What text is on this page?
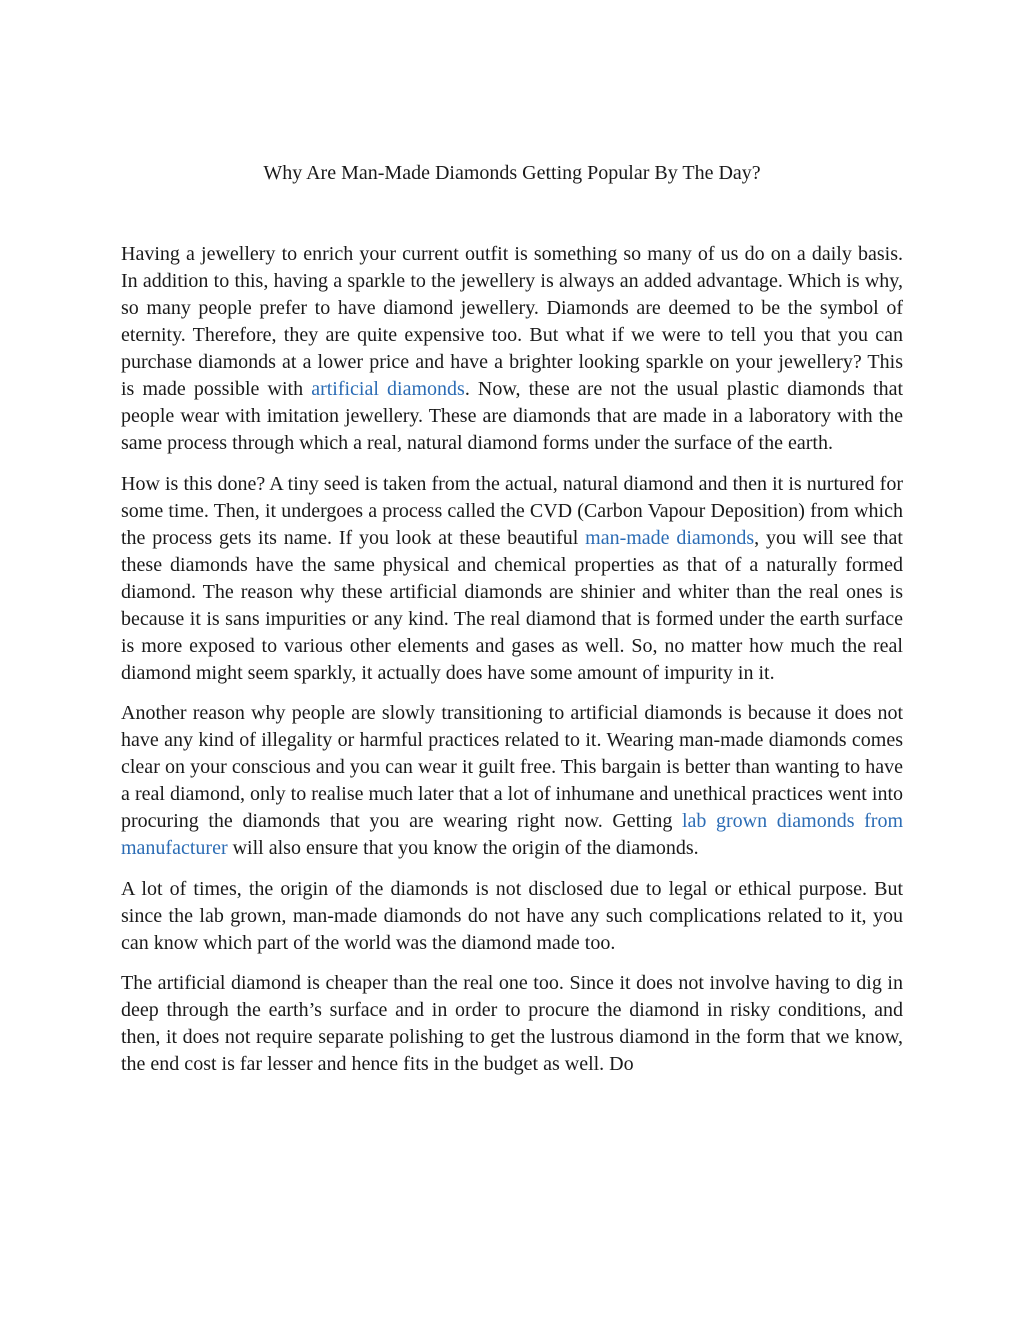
Why Are Man-Made Diamonds Getting Popular By The Day?

Having a jewellery to enrich your current outfit is something so many of us do on a daily basis. In addition to this, having a sparkle to the jewellery is always an added advantage. Which is why, so many people prefer to have diamond jewellery. Diamonds are deemed to be the symbol of eternity. Therefore, they are quite expensive too. But what if we were to tell you that you can purchase diamonds at a lower price and have a brighter looking sparkle on your jewellery? This is made possible with artificial diamonds. Now, these are not the usual plastic diamonds that people wear with imitation jewellery. These are diamonds that are made in a laboratory with the same process through which a real, natural diamond forms under the surface of the earth.

How is this done? A tiny seed is taken from the actual, natural diamond and then it is nurtured for some time. Then, it undergoes a process called the CVD (Carbon Vapour Deposition) from which the process gets its name. If you look at these beautiful man-made diamonds, you will see that these diamonds have the same physical and chemical properties as that of a naturally formed diamond. The reason why these artificial diamonds are shinier and whiter than the real ones is because it is sans impurities or any kind. The real diamond that is formed under the earth surface is more exposed to various other elements and gases as well. So, no matter how much the real diamond might seem sparkly, it actually does have some amount of impurity in it.

Another reason why people are slowly transitioning to artificial diamonds is because it does not have any kind of illegality or harmful practices related to it. Wearing man-made diamonds comes clear on your conscious and you can wear it guilt free. This bargain is better than wanting to have a real diamond, only to realise much later that a lot of inhumane and unethical practices went into procuring the diamonds that you are wearing right now. Getting lab grown diamonds from manufacturer will also ensure that you know the origin of the diamonds.

A lot of times, the origin of the diamonds is not disclosed due to legal or ethical purpose. But since the lab grown, man-made diamonds do not have any such complications related to it, you can know which part of the world was the diamond made too.

The artificial diamond is cheaper than the real one too. Since it does not involve having to dig in deep through the earth’s surface and in order to procure the diamond in risky conditions, and then, it does not require separate polishing to get the lustrous diamond in the form that we know, the end cost is far lesser and hence fits in the budget as well. Do
